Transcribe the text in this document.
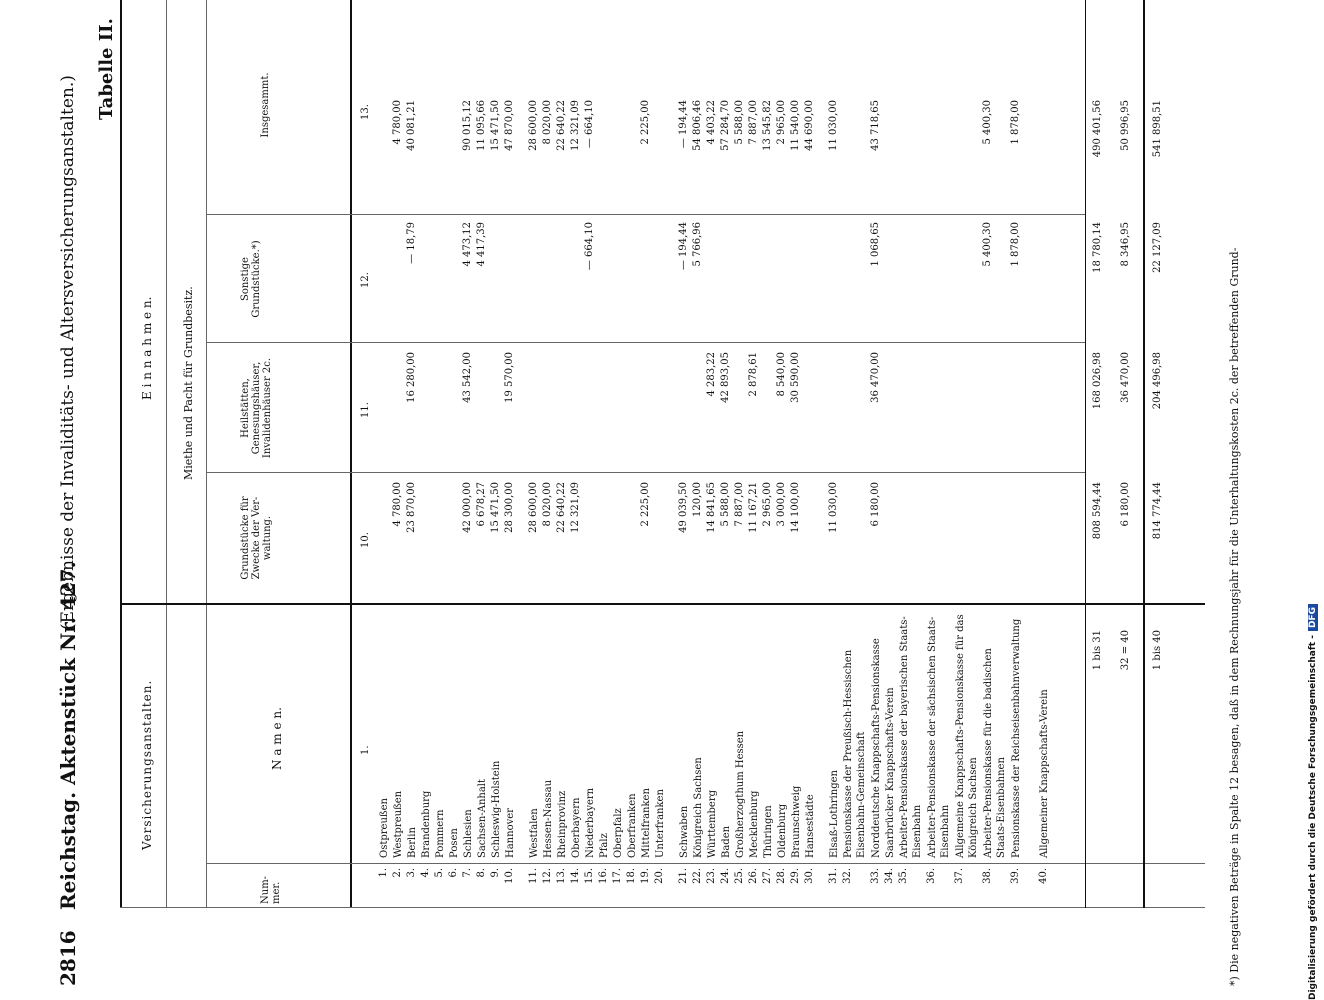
2816
Reichstag. Aktenstück Nr. 427.
(Ergebnisse der Invaliditäts- und Altersversicherungsanstalten.)
Tabelle II.
Versicherungsanstalten.
E i n n a h m e n.	Miethe und Pacht für Grundbesitz.
Num-
mer.
N a m e n.
Grundstücke für Zwecke der Ver-waltung.
Heilstätten, Genesungshäuser, Invalidenhäuser 2c.
Sonstige Grundstücke.*)
Insgesammt.
1.
10.
11.
12.
13.
1.
Ostpreußen
2.
Westpreußen
4 780,00
4 780,00
3.
Berlin
23 870,00
16 280,00
— 18,79
40 081,21
4.
Brandenburg
5.
Pommern
6.
Posen
7.
Schlesien
42 000,00
43 542,00
4 473,12
90 015,12
8.
Sachsen-Anhalt
6 678,27
4 417,39
11 095,66
9.
Schleswig-Holstein
15 471,50
15 471,50
10.
Hannover
28 300,00
19 570,00
47 870,00
11.
Westfalen
28 600,00
28 600,00
12.
Hessen-Nassau
8 020,00
8 020,00
13.
Rheinprovinz
22 640,22
22 640,22
14.
Oberbayern
12 321,09
12 321,09
15.
Niederbayern
— 664,10
— 664,10
16.
Pfalz
17.
Oberpfalz
18.
Oberfranken
19.
Mittelfranken
2 225,00
2 225,00
20.
Unterfranken
21.
Schwaben
49 039,50
— 194,44
— 194,44
22.
Königreich Sachsen
120,00
5 766,96
54 806,46
23.
Württemberg
14 841,65
4 283,22
4 403,22
24.
Baden
5 588,00
42 893,05
57 284,70
25.
Großherzogthum Hessen
7 887,00
5 588,00
26.
Mecklenburg
11 167,21
2 878,61
7 887,00
27.
Thüringen
2 965,00
13 545,82
28.
Oldenburg
3 000,00
8 540,00
2 965,00
29.
Braunschweig
14 100,00
30 590,00
11 540,00
30.
Hansestädte
44 690,00
31.
Elsaß-Lothringen
11 030,00
11 030,00
32.
Pensionskasse der Preußisch-Hessischen Eisenbahn-Gemeinschaft
33.
Norddeutsche Knappschafts-Pensionskasse
6 180,00
36 470,00
1 068,65
43 718,65
34.
Saarbrücker Knappschafts-Verein
35.
Arbeiter-Pensionskasse der bayerischen Staats-Eisenbahn
36.
Arbeiter-Pensionskasse der sächsischen Staats-Eisenbahn
37.
Allgemeine Knappschafts-Pensionskasse für das Königreich Sachsen
38.
Arbeiter-Pensionskasse für die badischen Staats-Eisenbahnen
5 400,30
5 400,30
39.
Pensionskasse der Reichseisenbahnverwaltung
1 878,00
1 878,00
40.
Allgemeiner Knappschafts-Verein
1 bis 31
808 594,44
168 026,98
18 780,14
490 401,56
32 = 40
6 180,00
36 470,00
8 346,95
50 996,95
1 bis 40
814 774,44
204 496,98
22 127,09
541 898,51
*) Die negativen Beträge in Spalte 12 besagen, daß in dem Rechnungsjahr für die Unterhaltungskosten 2c. der betreffenden Grund-	Digitalisierung gefördert durch die Deutsche Forschungsgemeinschaft -DFG
